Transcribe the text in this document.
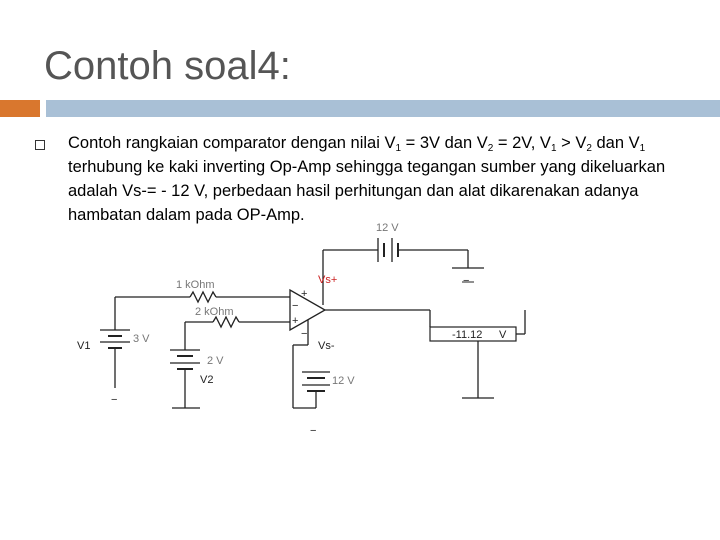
Contoh soal4:
Contoh rangkaian comparator dengan nilai $V_1 = 3V$ dan $V_2 = 2V$, $V_1 > V_2$ dan $V_1$ terhubung ke kaki inverting Op-Amp sehingga tegangan sumber yang dikeluarkan adalah Vs-= - 12 V, perbedaan hasil perhitungan dan alat dikarenakan adanya hambatan dalam pada OP-Amp.
12 V
1 kOhm
2 kOhm
3 V
2 V
12 V
V1
V2
Vs-
+
−
+
−	-11.12 V
−
−
−
Vs+
